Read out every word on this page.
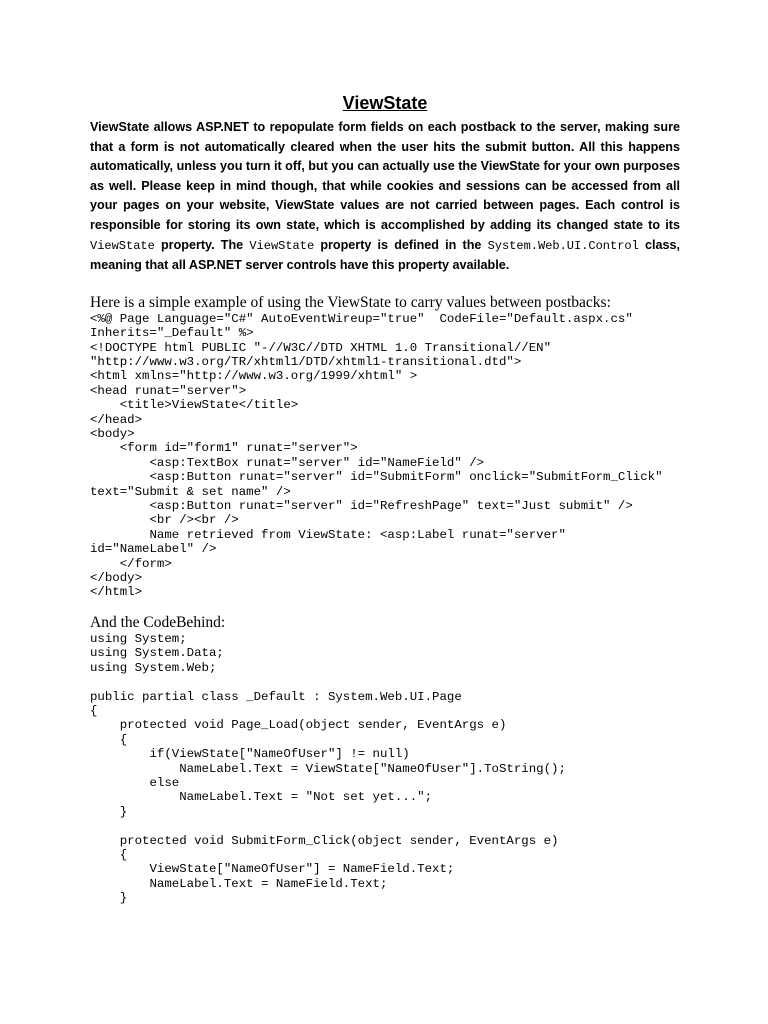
ViewState

ViewState allows ASP.NET to repopulate form fields on each postback to the server, making sure that a form is not automatically cleared when the user hits the submit button. All this happens automatically, unless you turn it off, but you can actually use the ViewState for your own purposes as well. Please keep in mind though, that while cookies and sessions can be accessed from all your pages on your website, ViewState values are not carried between pages. Each control is responsible for storing its own state, which is accomplished by adding its changed state to its ViewState property. The ViewState property is defined in the System.Web.UI.Control class, meaning that all ASP.NET server controls have this property available.

Here is a simple example of using the ViewState to carry values between postbacks:

<%@ Page Language="C#" AutoEventWireup="true"  CodeFile="Default.aspx.cs"
Inherits="_Default" %>
<!DOCTYPE html PUBLIC "-//W3C//DTD XHTML 1.0 Transitional//EN"
"http://www.w3.org/TR/xhtml1/DTD/xhtml1-transitional.dtd">
<html xmlns="http://www.w3.org/1999/xhtml" >
<head runat="server">
<title>ViewState</title>
</head>
<body>
<form id="form1" runat="server">
<asp:TextBox runat="server" id="NameField" />
<asp:Button runat="server" id="SubmitForm" onclick="SubmitForm_Click"
text="Submit & set name" />
<asp:Button runat="server" id="RefreshPage" text="Just submit" />
<br /><br />
Name retrieved from ViewState: <asp:Label runat="server"
id="NameLabel" />
</form>
</body>
</html>

And the CodeBehind:

using System;
using System.Data;
using System.Web;

public partial class _Default : System.Web.UI.Page
{
protected void Page_Load(object sender, EventArgs e)
{
if(ViewState["NameOfUser"] != null)
NameLabel.Text = ViewState["NameOfUser"].ToString();
else
NameLabel.Text = "Not set yet...";
}

protected void SubmitForm_Click(object sender, EventArgs e)
{
ViewState["NameOfUser"] = NameField.Text;
NameLabel.Text = NameField.Text;
}
